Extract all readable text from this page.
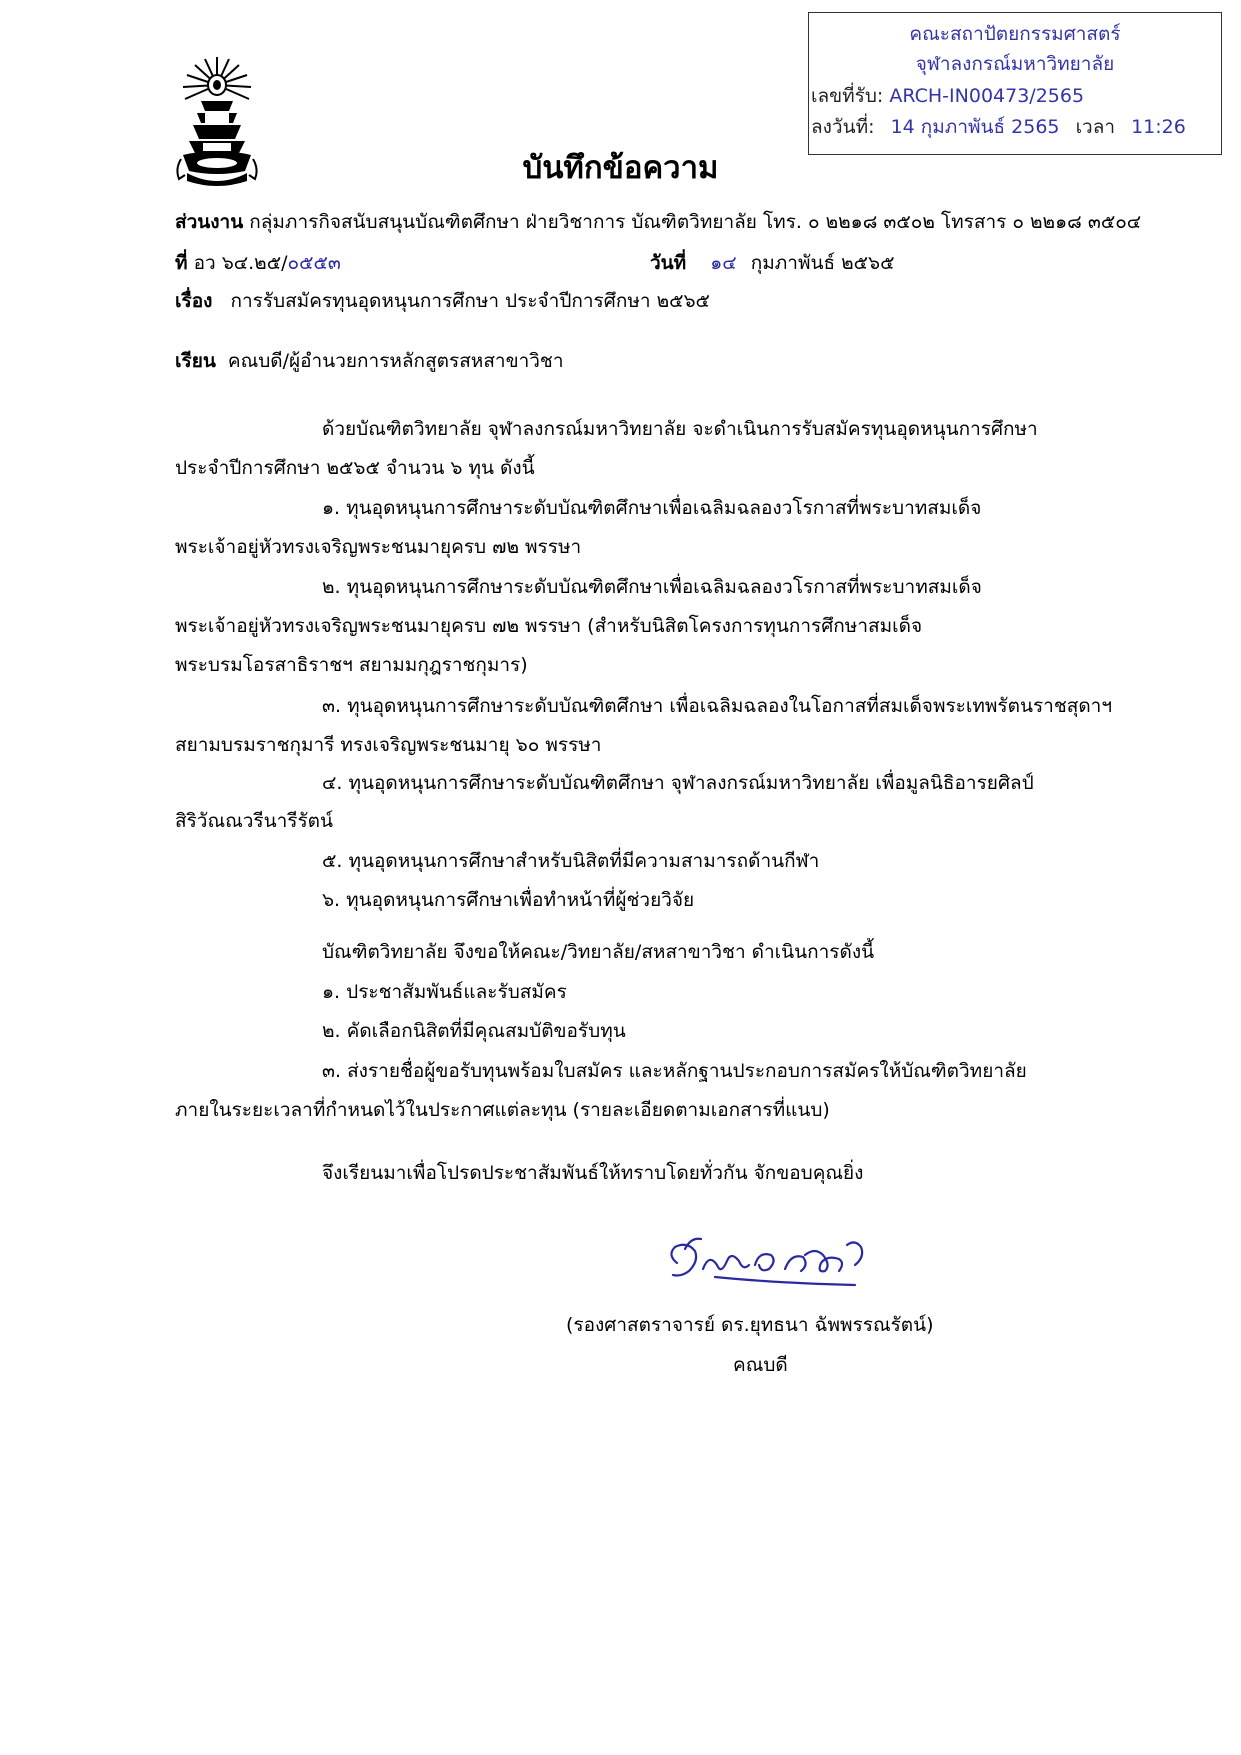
คณะสถาปัตยกรรมศาสตร์
จุฬาลงกรณ์มหาวิทยาลัย
เลขที่รับ: ARCH-IN00473/2565
ลงวันที่: 14 กุมภาพันธ์ 2565 เวลา 11:26
บันทึกข้อความ
ส่วนงาน กลุ่มภารกิจสนับสนุนบัณฑิตศึกษา ฝ่ายวิชาการ บัณฑิตวิทยาลัย โทร. ๐ ๒๒๑๘ ๓๕๐๒ โทรสาร ๐ ๒๒๑๘ ๓๕๐๔
ที่ อว ๖๔.๒๕/๐๕๕๓	วันที่ ๑๔ กุมภาพันธ์ ๒๕๖๕
เรื่อง การรับสมัครทุนอุดหนุนการศึกษา ประจำปีการศึกษา ๒๕๖๕
เรียน คณบดี/ผู้อำนวยการหลักสูตรสหสาขาวิชา
ด้วยบัณฑิตวิทยาลัย จุฬาลงกรณ์มหาวิทยาลัย จะดำเนินการรับสมัครทุนอุดหนุนการศึกษา
ประจำปีการศึกษา ๒๕๖๕ จำนวน ๖ ทุน ดังนี้
๑. ทุนอุดหนุนการศึกษาระดับบัณฑิตศึกษาเพื่อเฉลิมฉลองวโรกาสที่พระบาทสมเด็จ
พระเจ้าอยู่หัวทรงเจริญพระชนมายุครบ ๗๒ พรรษา
๒. ทุนอุดหนุนการศึกษาระดับบัณฑิตศึกษาเพื่อเฉลิมฉลองวโรกาสที่พระบาทสมเด็จ
พระเจ้าอยู่หัวทรงเจริญพระชนมายุครบ ๗๒ พรรษา (สำหรับนิสิตโครงการทุนการศึกษาสมเด็จ
พระบรมโอรสาธิราชฯ สยามมกุฎราชกุมาร)
๓. ทุนอุดหนุนการศึกษาระดับบัณฑิตศึกษา เพื่อเฉลิมฉลองในโอกาสที่สมเด็จพระเทพรัตนราชสุดาฯ
สยามบรมราชกุมารี ทรงเจริญพระชนมายุ ๖๐ พรรษา
๔. ทุนอุดหนุนการศึกษาระดับบัณฑิตศึกษา จุฬาลงกรณ์มหาวิทยาลัย เพื่อมูลนิธิอารยศิลป์
สิริวัณณวรีนารีรัตน์
๕. ทุนอุดหนุนการศึกษาสำหรับนิสิตที่มีความสามารถด้านกีฬา
๖. ทุนอุดหนุนการศึกษาเพื่อทำหน้าที่ผู้ช่วยวิจัย
บัณฑิตวิทยาลัย จึงขอให้คณะ/วิทยาลัย/สหสาขาวิชา ดำเนินการดังนี้
๑. ประชาสัมพันธ์และรับสมัคร
๒. คัดเลือกนิสิตที่มีคุณสมบัติขอรับทุน
๓. ส่งรายชื่อผู้ขอรับทุนพร้อมใบสมัคร และหลักฐานประกอบการสมัครให้บัณฑิตวิทยาลัย
ภายในระยะเวลาที่กำหนดไว้ในประกาศแต่ละทุน (รายละเอียดตามเอกสารที่แนบ)
จึงเรียนมาเพื่อโปรดประชาสัมพันธ์ให้ทราบโดยทั่วกัน จักขอบคุณยิ่ง
(รองศาสตราจารย์ ดร.ยุทธนา ฉัพพรรณรัตน์)
คณบดี
